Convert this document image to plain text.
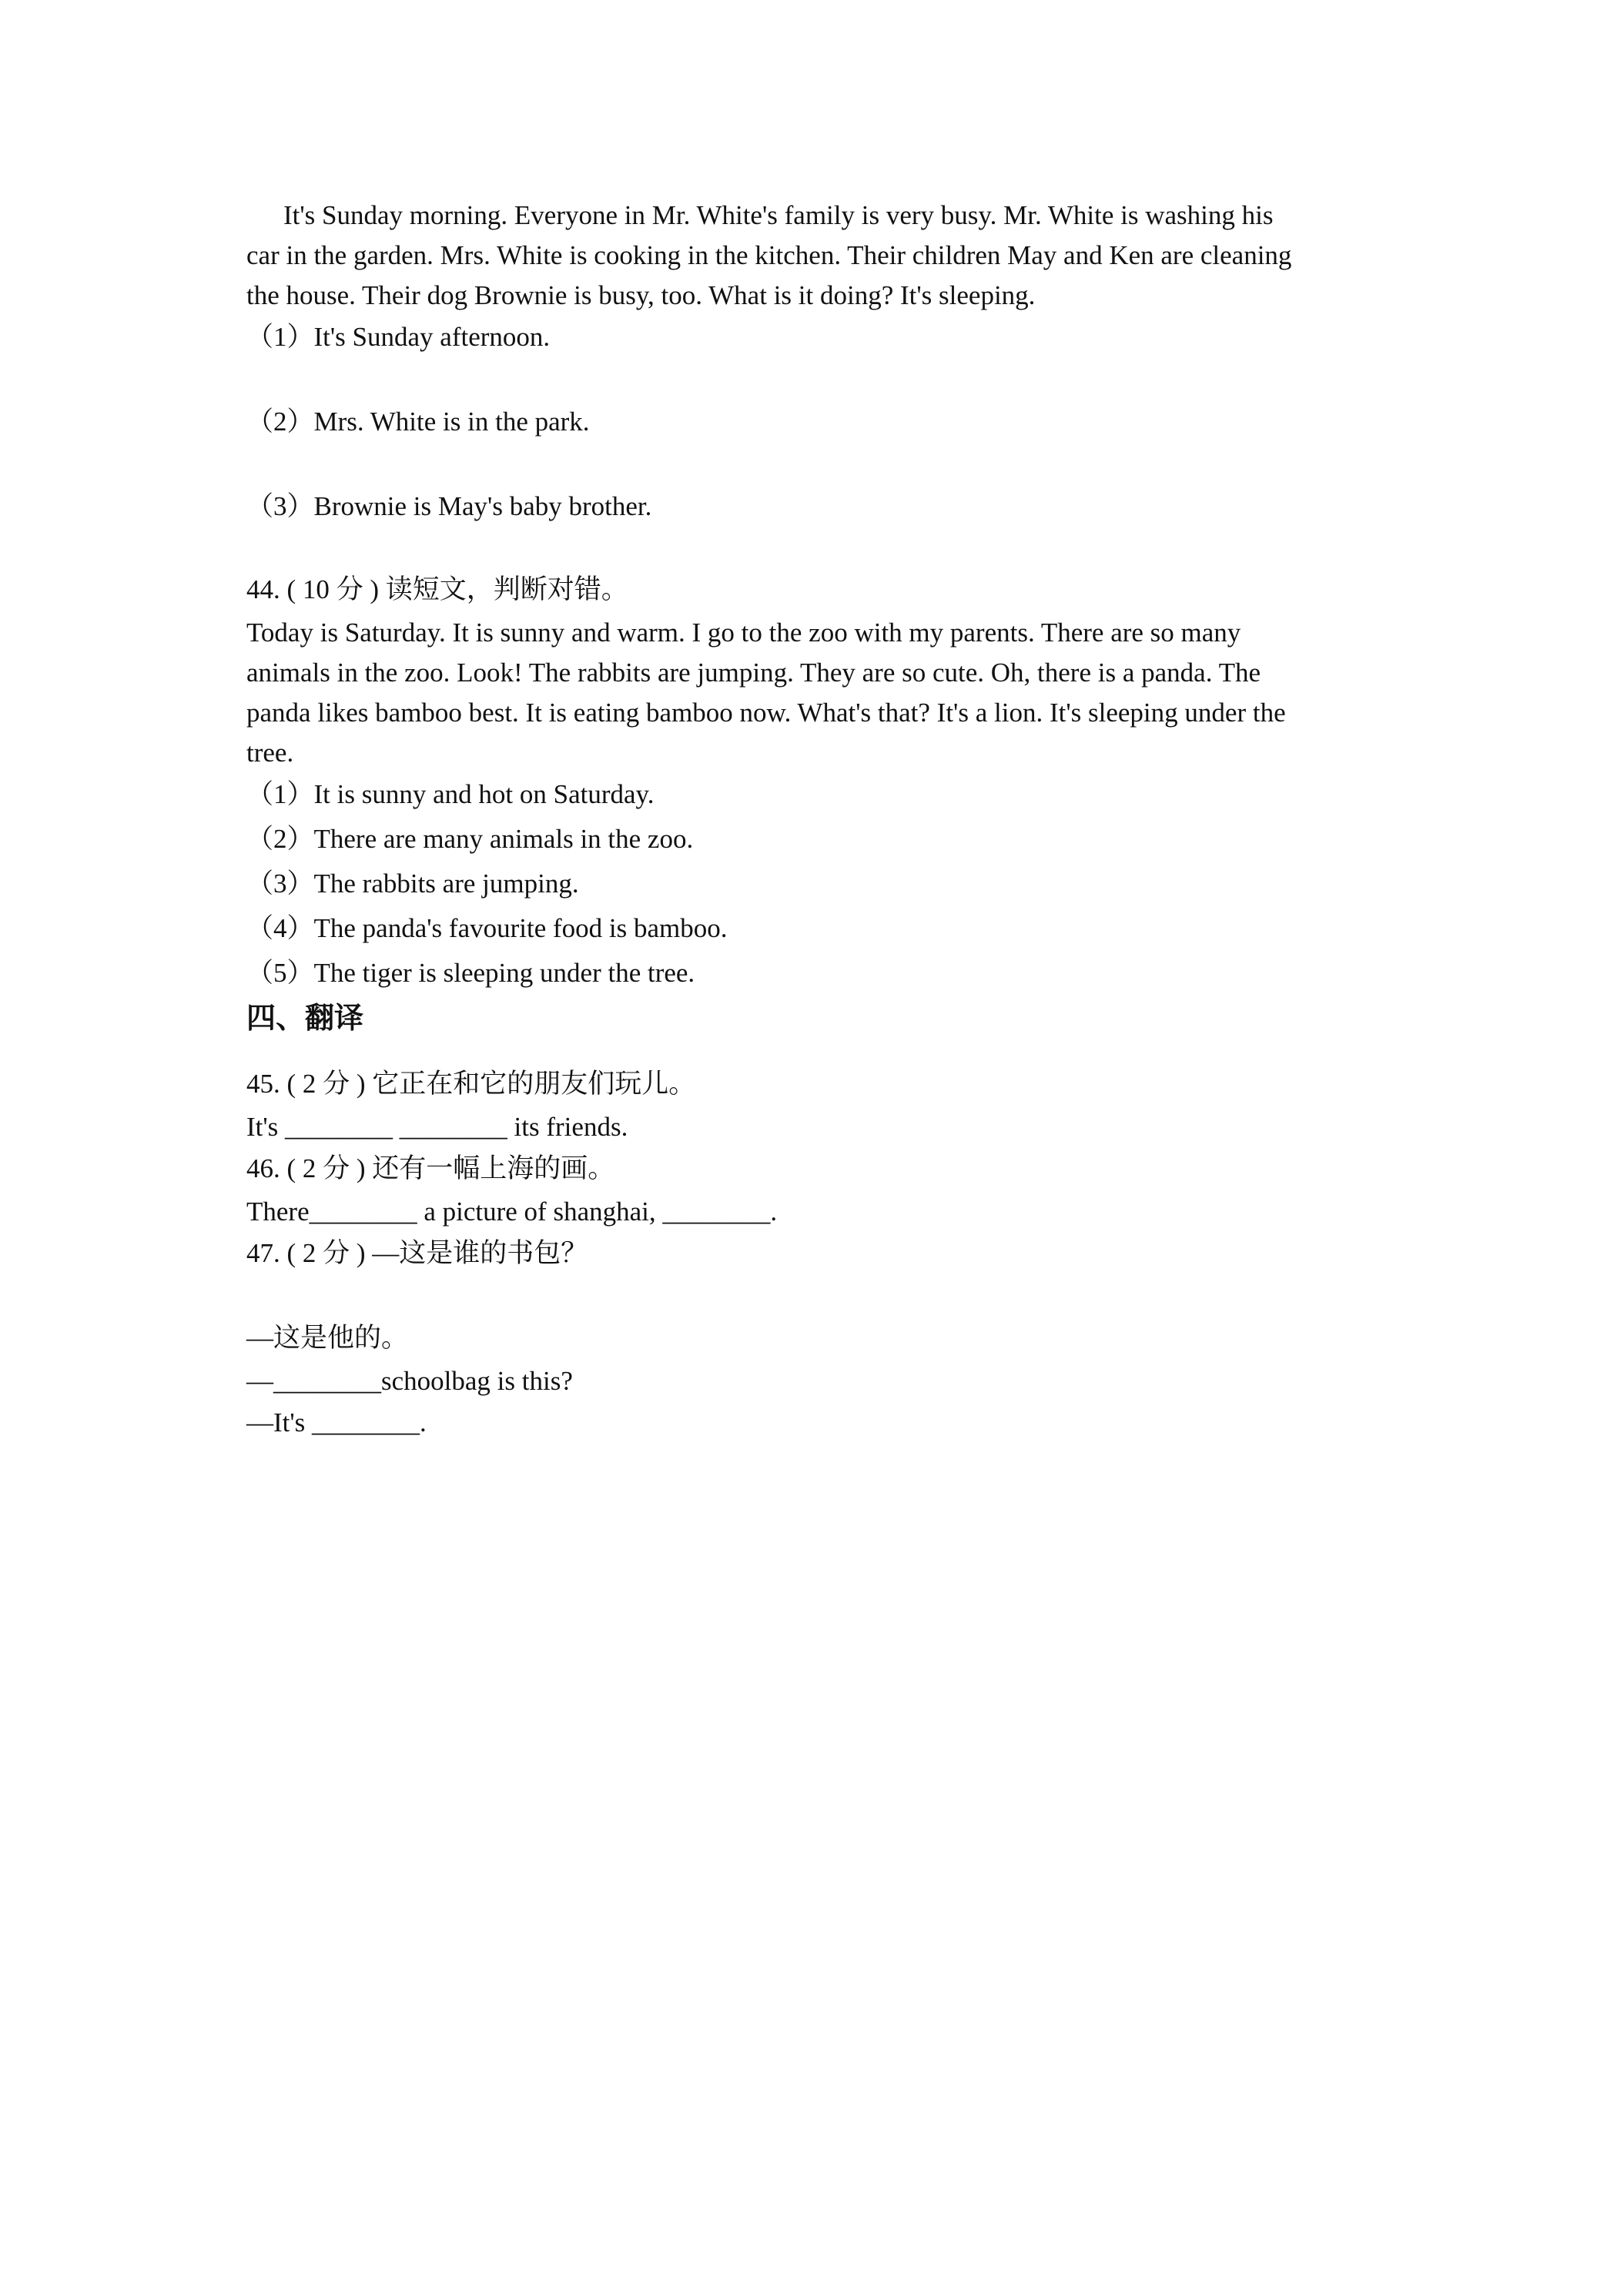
It's Sunday morning. Everyone in Mr. White's family is very busy. Mr. White is washing his
car in the garden. Mrs. White is cooking in the kitchen. Their children May and Ken are cleaning
the house. Their dog Brownie is busy, too. What is it doing? It's sleeping.
（1）It's Sunday afternoon.
（2）Mrs. White is in the park.
（3）Brownie is May's baby brother.
44. ( 10 分 ) 读短文，判断对错。
Today is Saturday. It is sunny and warm. I go to the zoo with my parents. There are so many
animals in the zoo. Look! The rabbits are jumping. They are so cute. Oh, there is a panda. The
panda likes bamboo best. It is eating bamboo now. What's that? It's a lion. It's sleeping under the
tree.
（1）It is sunny and hot on Saturday.
（2）There are many animals in the zoo.
（3）The rabbits are jumping.
（4）The panda's favourite food is bamboo.
（5）The tiger is sleeping under the tree.
四、翻译
45. ( 2 分 ) 它正在和它的朋友们玩儿。
It's ________ ________ its friends.
46. ( 2 分 ) 还有一幅上海的画。
There________ a picture of shanghai, ________.
47. ( 2 分 ) —这是谁的书包？
—这是他的。
—________schoolbag is this?
—It's ________.
